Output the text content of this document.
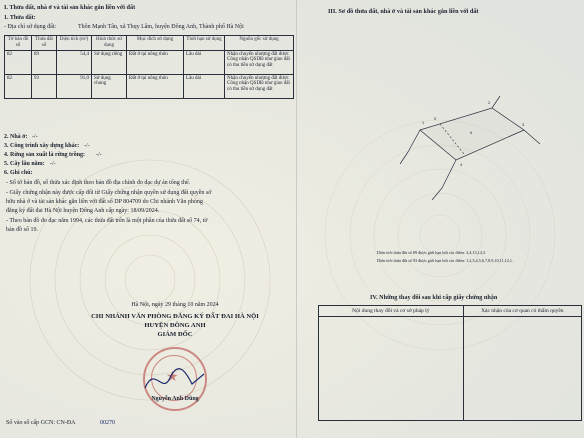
I. Thửa đất, nhà ở và tài sản khác gắn liền với đất
1. Thửa đất:
- Địa chỉ sử dụng đất:	Thôn Mạnh Tân, xã Thụy Lâm, huyện Đông Anh, Thành phố Hà Nội
Tờ bản đồ số	Thửa đất số	Diện tích (m²)	Hình thức sử dụng	Mục đích sử dụng	Thời hạn sử dụng	Nguồn gốc sử dụng
82	89	54,4	Sử dụng riêng	Đất ở tại nông thôn	Lâu dài	Nhận chuyển nhượng đất được Công nhận QSDĐ như giao đất có thu tiền sử dụng đất
82	93	91,0	Sử dụng chung	Đất ở tại nông thôn	Lâu dài	Nhận chuyển nhượng đất được Công nhận QSDĐ như giao đất có thu tiền sử dụng đất
2. Nhà ở: -/-
3. Công trình xây dựng khác: -/-
4. Rừng sản xuất là rừng trồng: -/-
5. Cây lâu năm: -/-
6. Ghi chú:
- Số tờ bản đồ, số thửa xác định theo bản đồ địa chính đo đạc dự án tổng thể.
- Giấy chứng nhận này được cấp đổi từ Giấy chứng nhận quyền sử dụng đất quyền sở
hữu nhà ở và tài sản khác gắn liền với đất số DP 804709 do Chi nhánh Văn phòng
đăng ký đất đai Hà Nội huyện Đông Anh cấp ngày: 18/09/2024.
- Theo bản đồ đo đạc năm 1994, các thửa đất trên là một phần của thửa đất số 74, tờ
bản đồ số 19.
Hà Nội, ngày 29 tháng 10 năm 2024
CHI NHÁNH VĂN PHÒNG ĐĂNG KÝ ĐẤT ĐAI HÀ NỘI
HUYỆN ĐÔNG ANH
GIÁM ĐỐC
★
Nguyễn Anh Dũng
Số vào số cấp GCN: CN-ĐA	00270
III. Sơ đồ thửa đất, nhà ở và tài sản khác gắn liền với đất
1
2
3
4
5
6
Diện tích thửa đất số 89 được giới hạn bởi các điểm: 3,4,13,14,3.
Diện tích thửa đất số 93 được giới hạn bởi các điểm: 1,2,3,4,5,6,7,8,9,10,11,12,1.
IV. Những thay đổi sau khi cấp giấy chứng nhận
Nội dung thay đổi và cơ sở pháp lý	Xác nhận của cơ quan có thẩm quyền
